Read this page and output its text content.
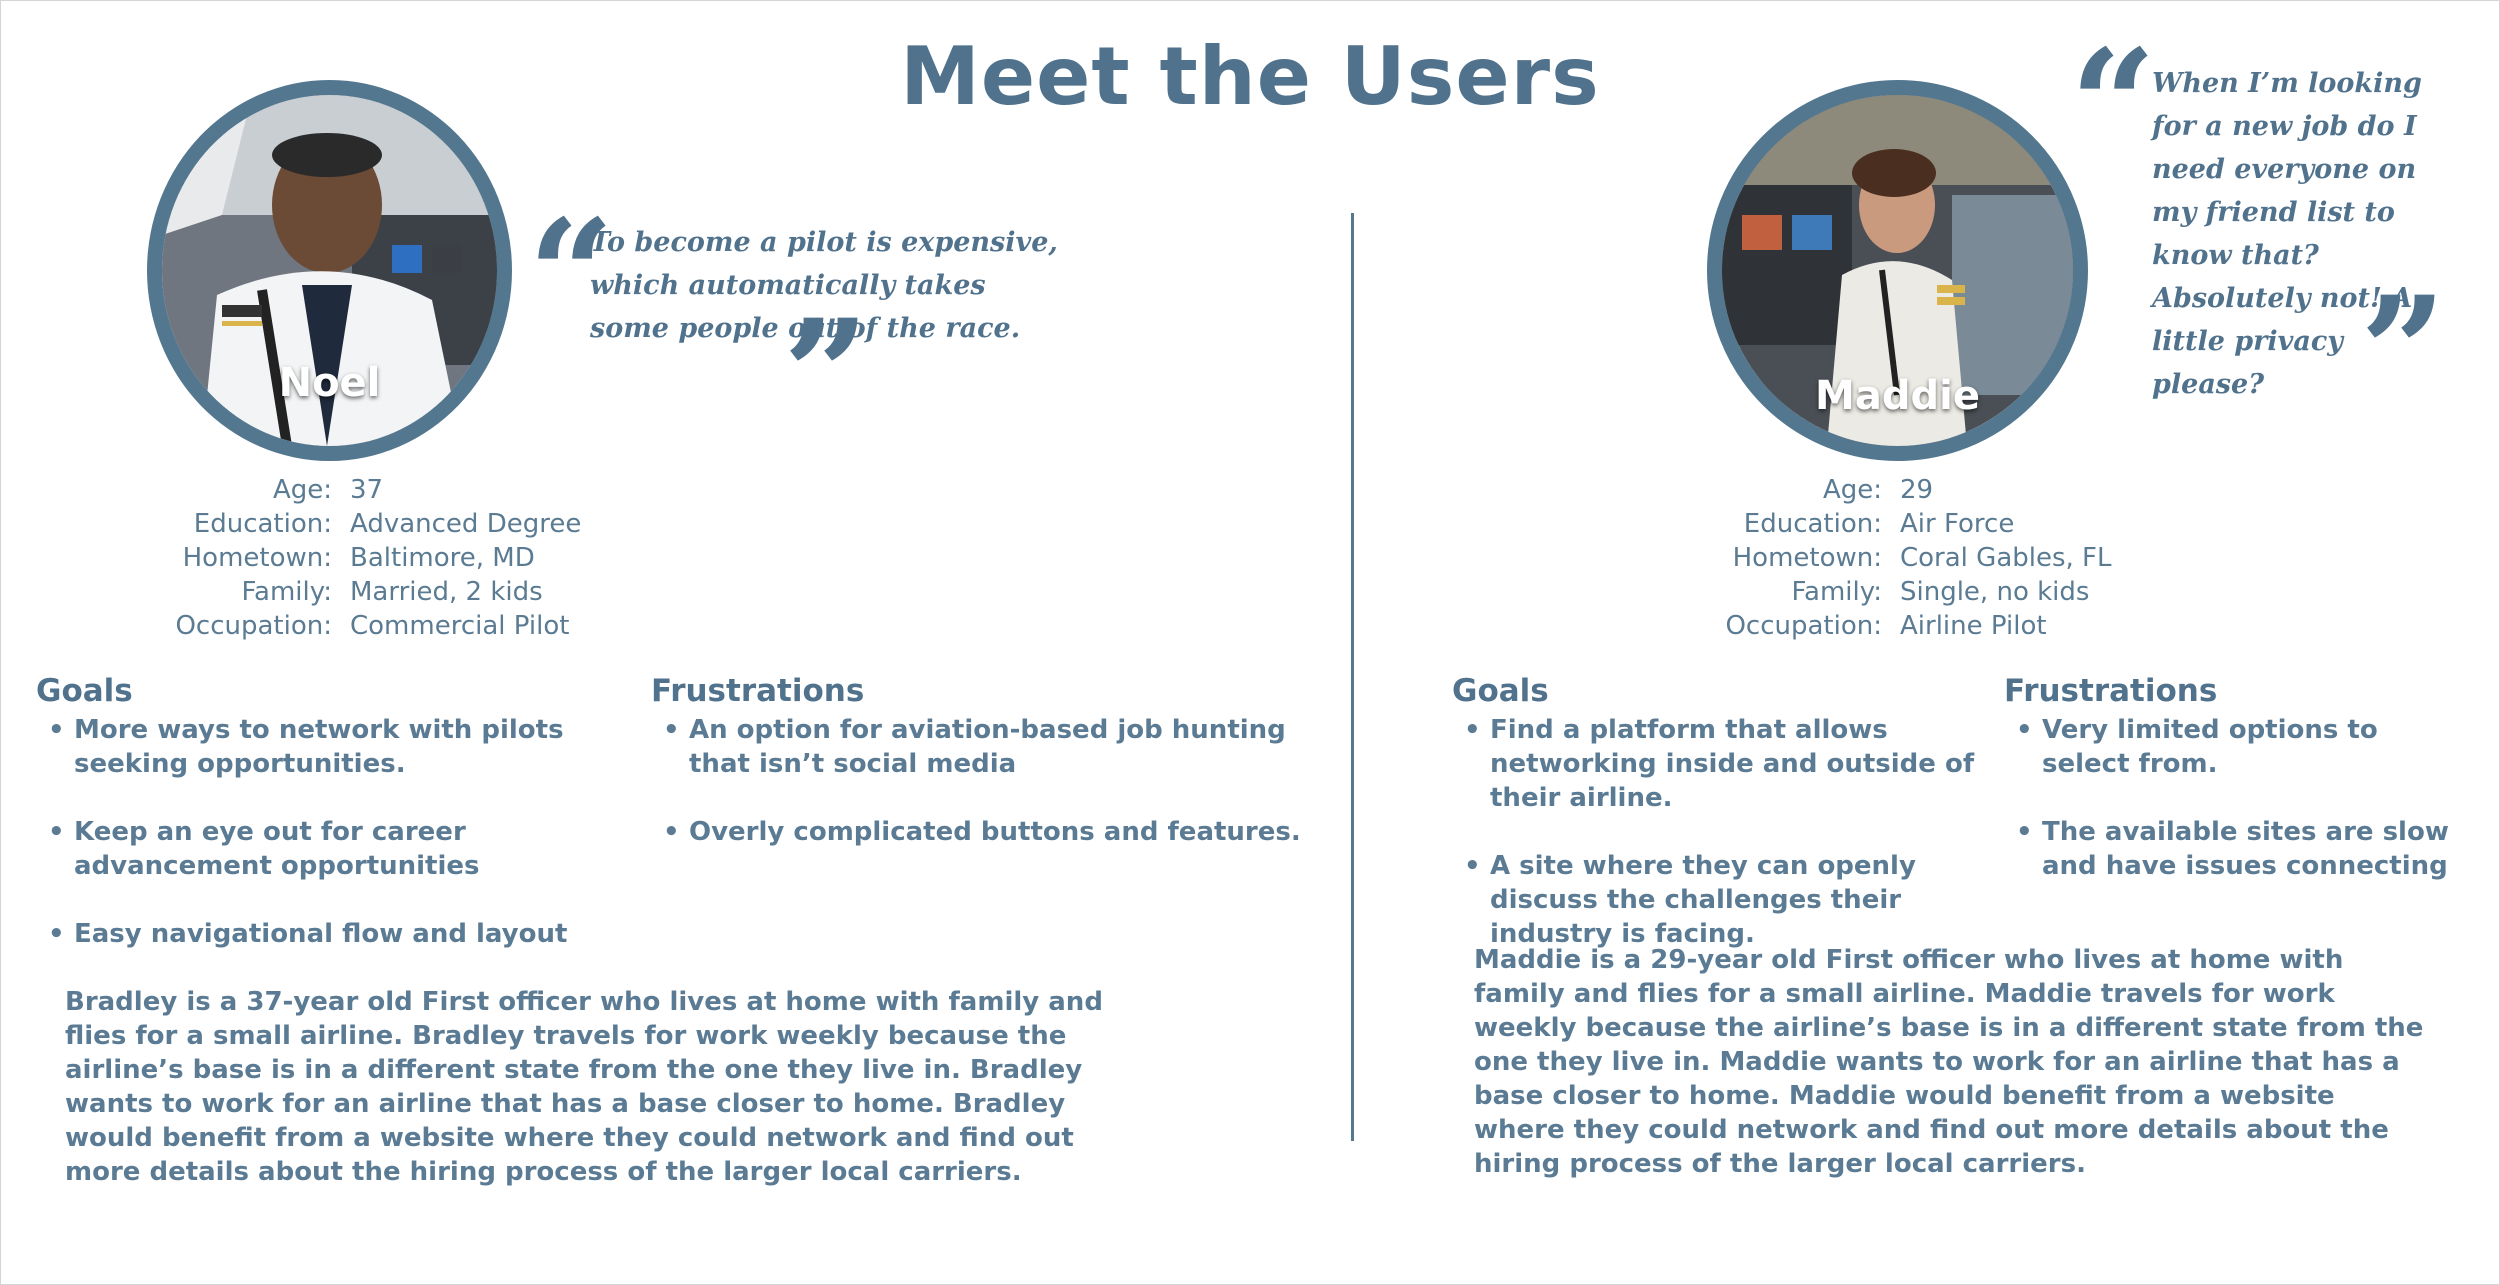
Meet the Users
Noel
“
To become a pilot is expensive, which automatically takes some people out of the race.
”
Age: 37
Education: Advanced Degree
Hometown: Baltimore, MD
Family: Married, 2 kids
Occupation: Commercial Pilot
Goals
• More ways to network with pilots seeking opportunities.
• Keep an eye out for career advancement opportunities
• Easy navigational flow and layout
Frustrations
• An option for aviation-based job hunting that isn’t social media
• Overly complicated buttons and features.

Bradley is a 37-year old First officer who lives at home with family and flies for a small airline. Bradley travels for work weekly because the airline’s base is in a different state from the one they live in. Bradley wants to work for an airline that has a base closer to home. Bradley would benefit from a website where they could network and find out more details about the hiring process of the larger local carriers.

Maddie
“
When I’m looking for a new job do I need everyone on my friend list to know that? Absolutely not! A little privacy please? ”
Age: 29
Education: Air Force
Hometown: Coral Gables, FL
Family: Single, no kids
Occupation: Airline Pilot
Goals
• Find a platform that allows networking inside and outside of their airline.
• A site where they can openly discuss the challenges their industry is facing.
Frustrations
• Very limited options to select from.
• The available sites are slow and have issues connecting

Maddie is a 29-year old First officer who lives at home with family and flies for a small airline. Maddie travels for work weekly because the airline’s base is in a different state from the one they live in. Maddie wants to work for an airline that has a base closer to home. Maddie would benefit from a website where they could network and find out more details about the hiring process of the larger local carriers.
